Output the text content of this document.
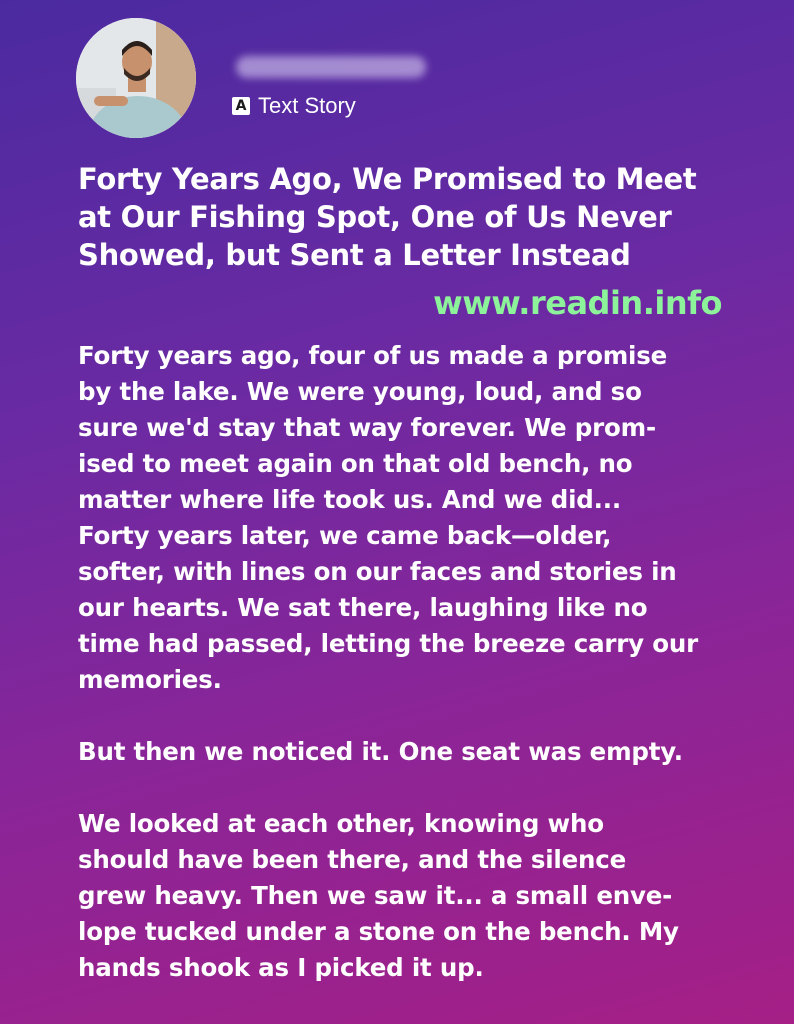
A Text Story
Forty Years Ago, We Promised to Meet at Our Fishing Spot, One of Us Never Showed, but Sent a Letter Instead
www.readin.info

Forty years ago, four of us made a promise
by the lake. We were young, loud, and so
sure we'd stay that way forever. We prom-
ised to meet again on that old bench, no
matter where life took us. And we did...
Forty years later, we came back—older,
softer, with lines on our faces and stories in
our hearts. We sat there, laughing like no
time had passed, letting the breeze carry our
memories.

But then we noticed it. One seat was empty.

We looked at each other, knowing who
should have been there, and the silence
grew heavy. Then we saw it... a small enve-
lope tucked under a stone on the bench. My
hands shook as I picked it up.
